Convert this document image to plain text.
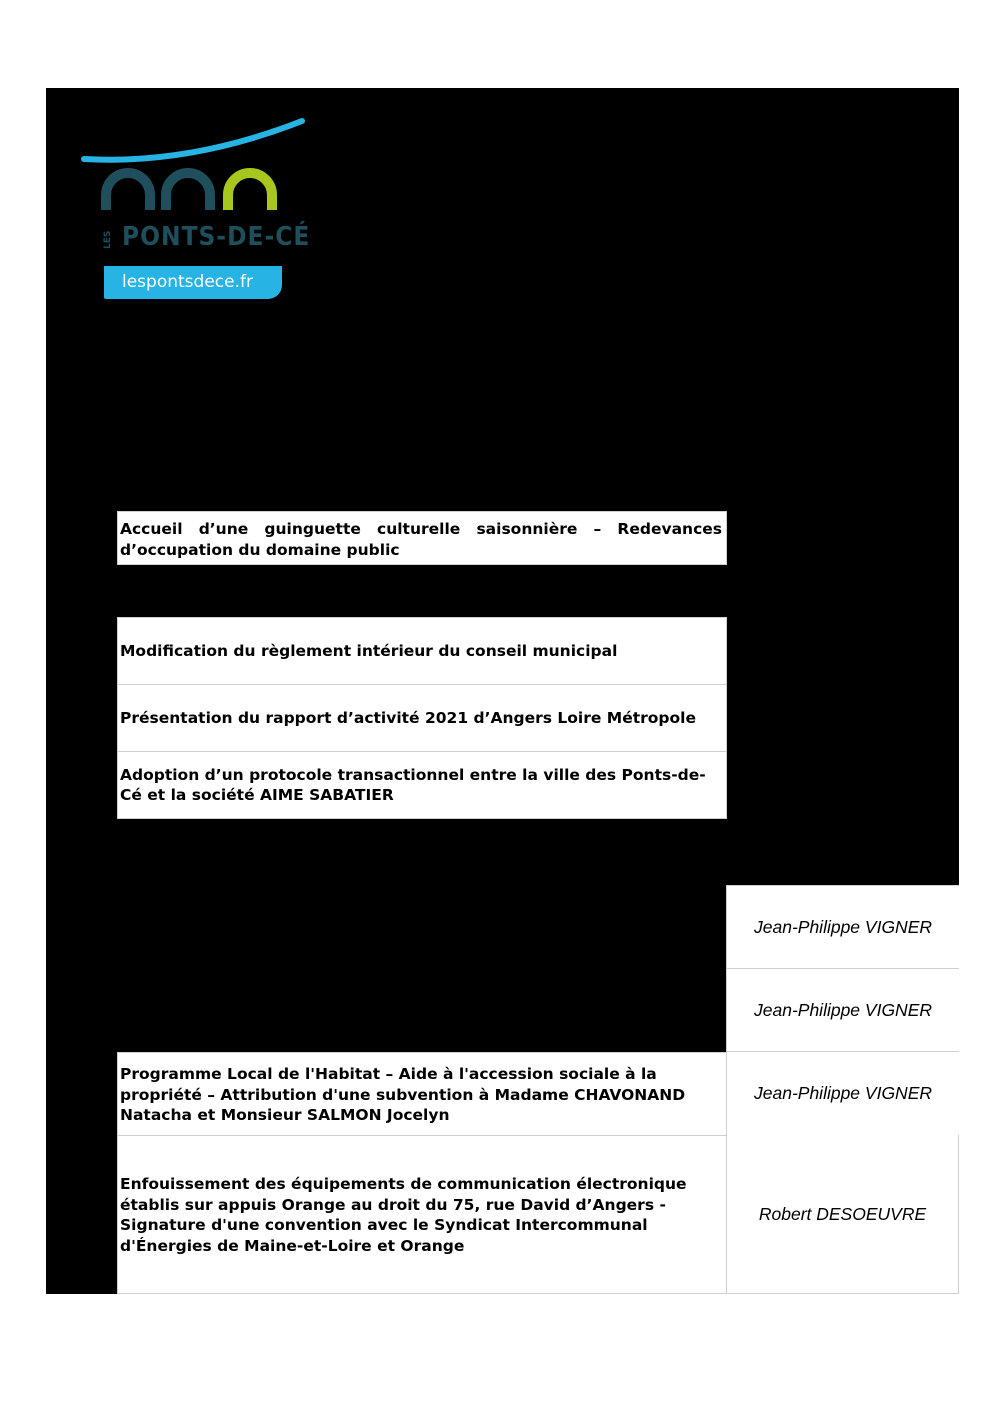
LES PONTS-DE-CÉ
lespontsdece.fr
Accueil d’une guinguette culturelle saisonnière – Redevances d’occupation du domaine public
Modification du règlement intérieur du conseil municipal
Présentation du rapport d’activité 2021 d’Angers Loire Métropole
Adoption d’un protocole transactionnel entre la ville des Ponts-de-Cé et la société AIME SABATIER
Jean-Philippe VIGNER
Jean-Philippe VIGNER
Programme Local de l'Habitat – Aide à l'accession sociale à la propriété – Attribution d'une subvention à Madame CHAVONAND Natacha et Monsieur SALMON Jocelyn
Jean-Philippe VIGNER
Enfouissement des équipements de communication électronique établis sur appuis Orange au droit du 75, rue David d’Angers - Signature d'une convention avec le Syndicat Intercommunal d'Énergies de Maine-et-Loire et Orange
Robert DESOEUVRE
